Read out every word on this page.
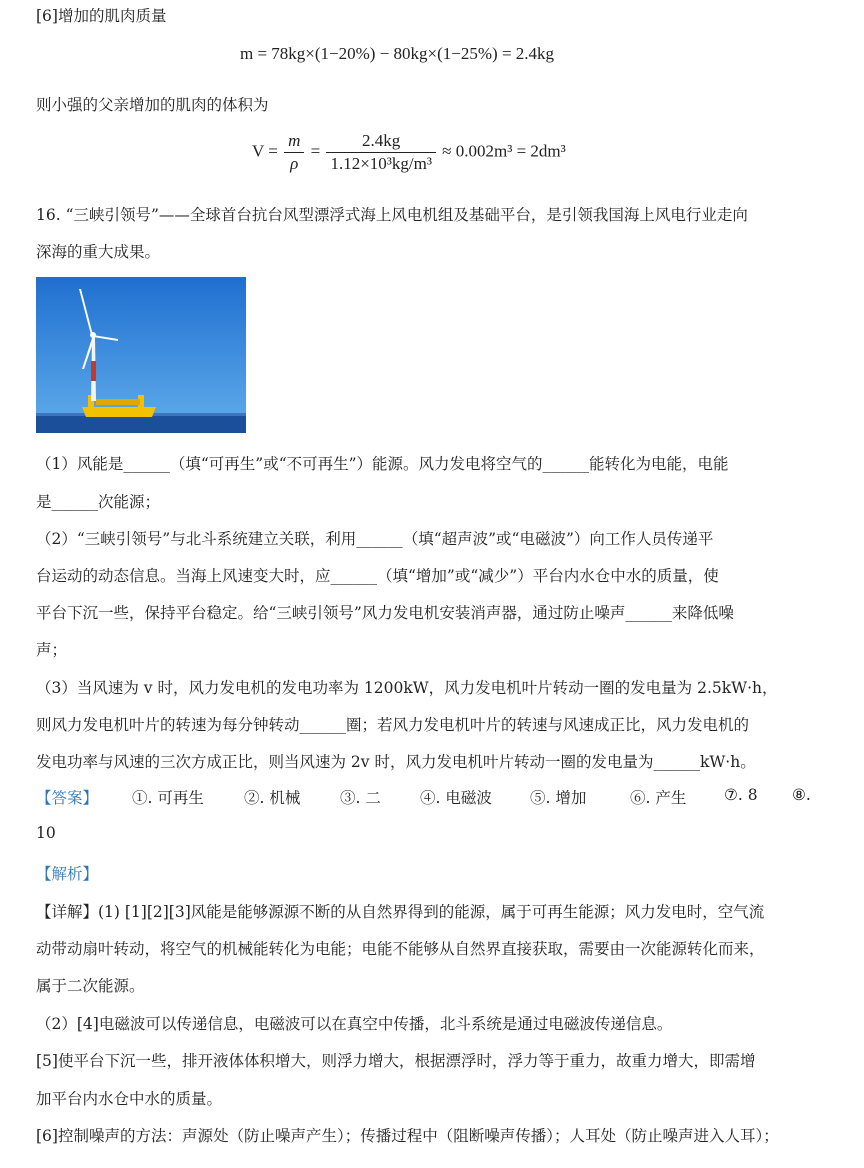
[6]增加的肌肉质量
m = 78kg×(1−20%) − 80kg×(1−25%) = 2.4kg
则小强的父亲增加的肌肉的体积为
$V = \frac{m}{\rho} = \frac{2.4kg}{\text{1.12×10³kg/m³}} \approx 0.002m^3 = 2dm^3$
16. “三峡引领号”——全球首台抗台风型漂浮式海上风电机组及基础平台，是引领我国海上风电行业走向
深海的重大成果。
（1）风能是______（填“可再生”或“不可再生”）能源。风力发电将空气的______能转化为电能，电能
是______次能源；
（2）“三峡引领号”与北斗系统建立关联，利用______（填“超声波”或“电磁波”）向工作人员传递平
台运动的动态信息。当海上风速变大时，应______（填“增加”或“减少”）平台内水仓中水的质量，使
平台下沉一些，保持平台稳定。给“三峡引领号”风力发电机安装消声器，通过防止噪声______来降低噪
声；
（3）当风速为 v 时，风力发电机的发电功率为 1200kW，风力发电机叶片转动一圈的发电量为 2.5kW·h，
则风力发电机叶片的转速为每分钟转动______圈；若风力发电机叶片的转速与风速成正比，风力发电机的
发电功率与风速的三次方成正比，则当风速为 2v 时，风力发电机叶片转动一圈的发电量为______kW·h。
【答案】 ①. 可再生	②. 机械	③. 二	④. 电磁波 ⑤. 增加	⑥. 产生 ⑦. 8 ⑧.
10
【解析】
【详解】(1) [1][2][3]风能是能够源源不断的从自然界得到的能源，属于可再生能源；风力发电时，空气流
动带动扇叶转动，将空气的机械能转化为电能；电能不能够从自然界直接获取，需要由一次能源转化而来，
属于二次能源。
（2）[4]电磁波可以传递信息，电磁波可以在真空中传播，北斗系统是通过电磁波传递信息。
[5]使平台下沉一些，排开液体体积增大，则浮力增大，根据漂浮时，浮力等于重力，故重力增大，即需增
加平台内水仓中水的质量。
[6]控制噪声的方法：声源处（防止噪声产生）；传播过程中（阻断噪声传播）；人耳处（防止噪声进入人耳）；
